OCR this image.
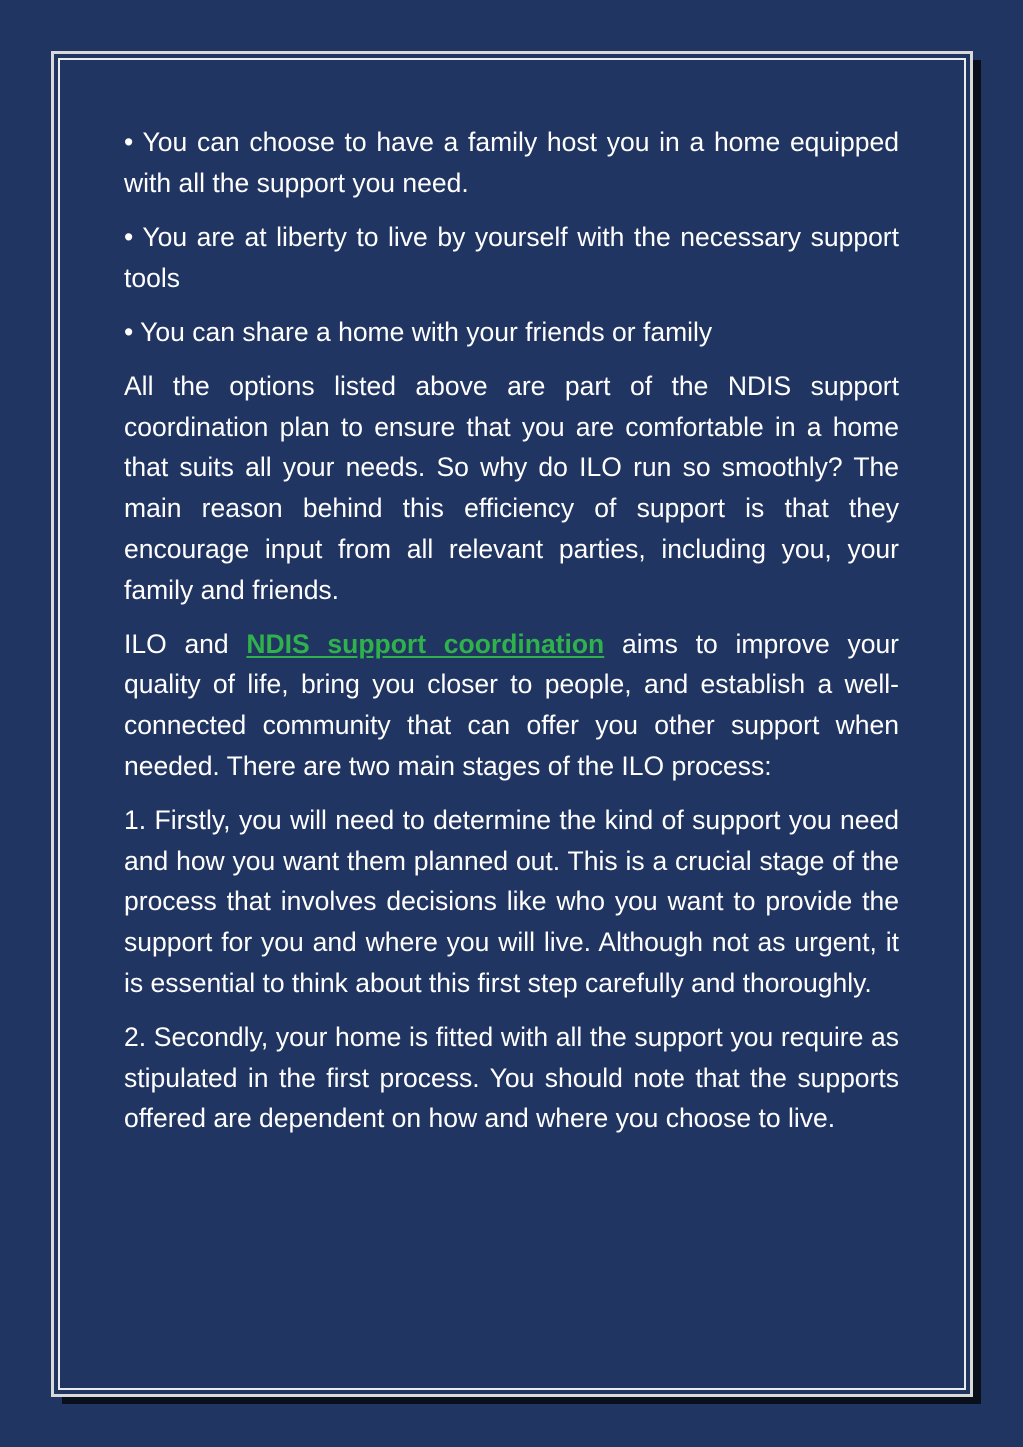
• You can choose to have a family host you in a home equipped with all the support you need.

• You are at liberty to live by yourself with the necessary support tools

• You can share a home with your friends or family

All the options listed above are part of the NDIS support coordination plan to ensure that you are comfortable in a home that suits all your needs. So why do ILO run so smoothly? The main reason behind this efficiency of support is that they encourage input from all relevant parties, including you, your family and friends.

ILO and NDIS support coordination aims to improve your quality of life, bring you closer to people, and establish a well-connected community that can offer you other support when needed. There are two main stages of the ILO process:

1. Firstly, you will need to determine the kind of support you need and how you want them planned out. This is a crucial stage of the process that involves decisions like who you want to provide the support for you and where you will live. Although not as urgent, it is essential to think about this first step carefully and thoroughly.

2. Secondly, your home is fitted with all the support you require as stipulated in the first process. You should note that the supports offered are dependent on how and where you choose to live.
